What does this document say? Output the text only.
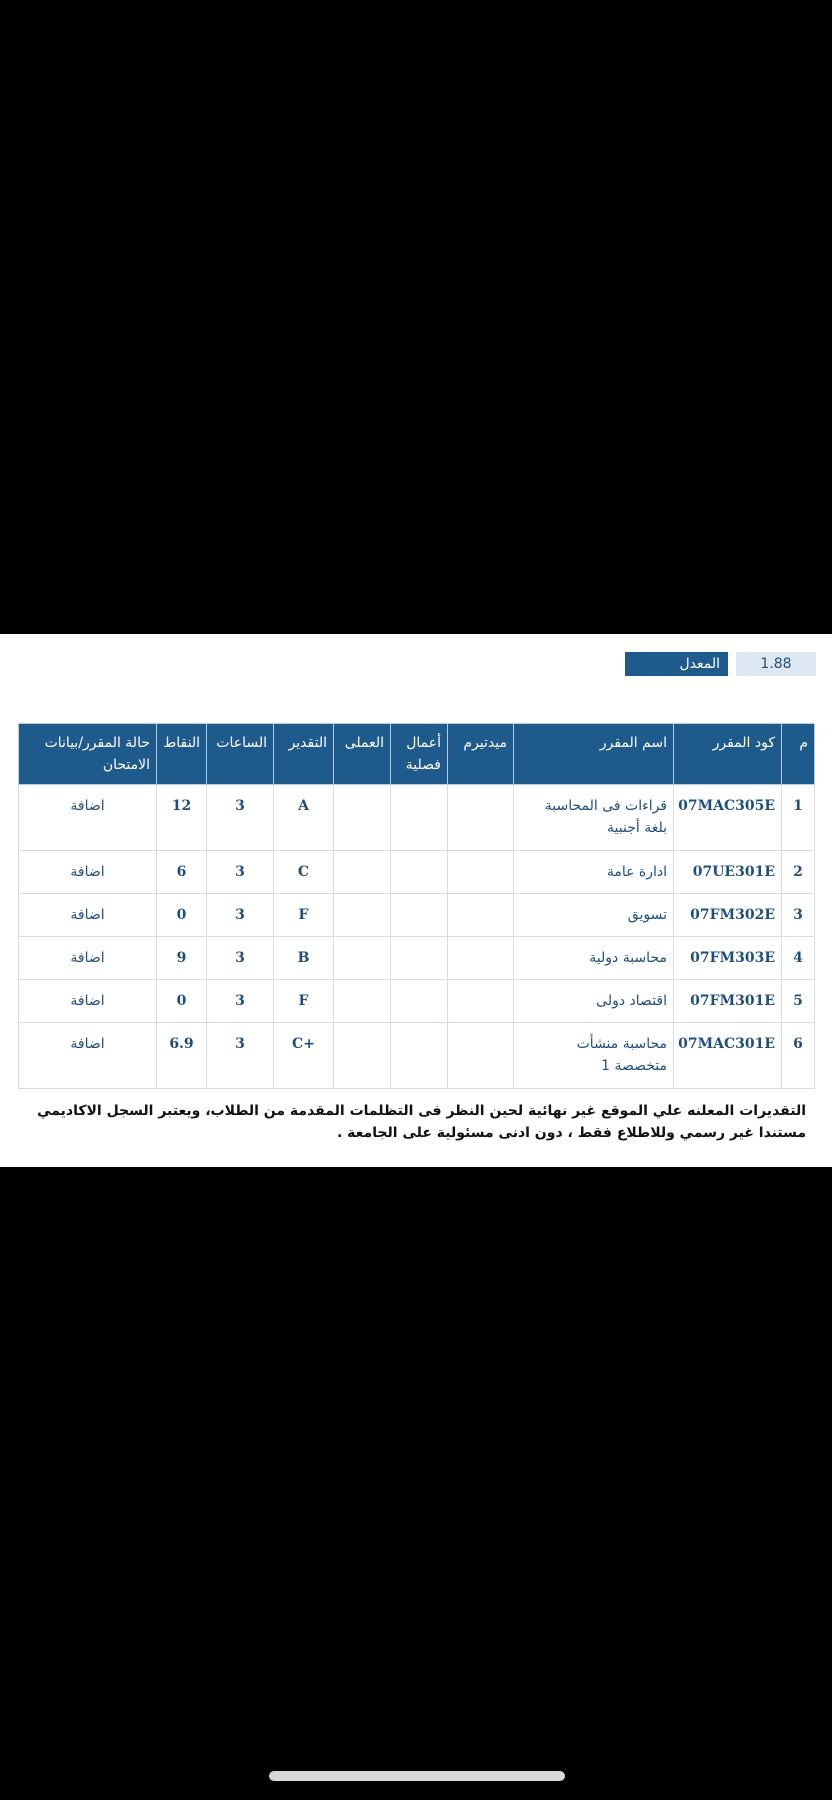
المعدل الفصلى :
1.88
م	كود المقرر	اسم المقرر	ميدتيرم	أعمال فصلية	العملى	التقدير	الساعات	النقاط	حالة المقرر/بيانات الامتحان
1	07MAC305E	قراءات فى المحاسبة بلغة أجنبية				A	3	12	اضافة
2	07UE301E	ادارة عامة				C	3	6	اضافة
3	07FM302E	تسويق				F	3	0	اضافة
4	07FM303E	محاسبة دولية				B	3	9	اضافة
5	07FM301E	اقتصاد دولى				F	3	0	اضافة
6	07MAC301E	محاسبة منشأت متخصصة 1				+C	3	6.9	اضافة
التقديرات المعلنه علي الموقع غير نهائية لحين النظر فى التظلمات المقدمة من الطلاب، ويعتبر السجل الاكاديمي مستندا غير رسمي وللاطلاع فقط ، دون ادنى مسئولية على الجامعة .
